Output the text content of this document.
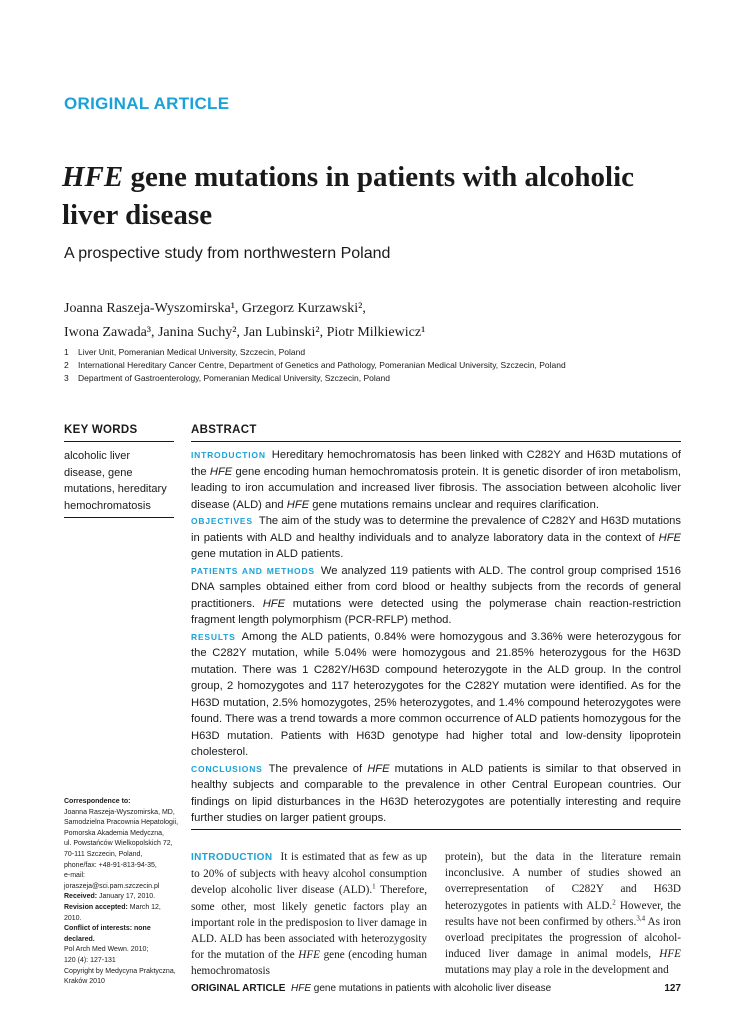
ORIGINAL ARTICLE
HFE gene mutations in patients with alcoholic
liver disease
A prospective study from northwestern Poland
Joanna Raszeja-Wyszomirska¹, Grzegorz Kurzawski²,
Iwona Zawada³, Janina Suchy², Jan Lubinski², Piotr Milkiewicz¹
1 Liver Unit, Pomeranian Medical University, Szczecin, Poland
2 International Hereditary Cancer Centre, Department of Genetics and Pathology, Pomeranian Medical University, Szczecin, Poland
3 Department of Gastroenterology, Pomeranian Medical University, Szczecin, Poland
KEY WORDS
alcoholic liver disease, gene mutations, hereditary hemochromatosis
ABSTRACT

INTRODUCTION Hereditary hemochromatosis has been linked with C282Y and H63D mutations of the HFE gene encoding human hemochromatosis protein. It is genetic disorder of iron metabolism, leading to iron accumulation and increased liver fibrosis. The association between alcoholic liver disease (ALD) and HFE gene mutations remains unclear and requires clarification.

OBJECTIVES The aim of the study was to determine the prevalence of C282Y and H63D mutations in patients with ALD and healthy individuals and to analyze laboratory data in the context of HFE gene mutation in ALD patients.

PATIENTS AND METHODS We analyzed 119 patients with ALD. The control group comprised 1516 DNA samples obtained either from cord blood or healthy subjects from the records of general practitioners. HFE mutations were detected using the polymerase chain reaction-restriction fragment length polymorphism (PCR-RFLP) method.

RESULTS Among the ALD patients, 0.84% were homozygous and 3.36% were heterozygous for the C282Y mutation, while 5.04% were homozygous and 21.85% heterozygous for the H63D mutation. There was 1 C282Y/H63D compound heterozygote in the ALD group. In the control group, 2 homozygotes and 117 heterozygotes for the C282Y mutation were identified. As for the H63D mutation, 2.5% homozygotes, 25% heterozygotes, and 1.4% compound heterozygotes were found. There was a trend towards a more common occurrence of ALD patients homozygous for the H63D mutation. Patients with H63D genotype had higher total and low-density lipoprotein cholesterol.

CONCLUSIONS The prevalence of HFE mutations in ALD patients is similar to that observed in healthy subjects and comparable to the prevalence in other Central European countries. Our findings on lipid disturbances in the H63D heterozygotes are potentially interesting and require further studies on larger patient groups.

Correspondence to:
Joanna Raszeja-Wyszomirska, MD,
Samodzielna Pracownia Hepatologii,
Pomorska Akademia Medyczna,
ul. Powstańców Wielkopolskich 72,
70-111 Szczecin, Poland,
phone/fax: +48-91-813-94-35,
e-mail: joraszeja@sci.pam.szczecin.pl
Received: January 17, 2010.
Revision accepted: March 12, 2010.
Conflict of interests: none declared.
Pol Arch Med Wewn. 2010;
120 (4): 127-131
Copyright by Medycyna Praktyczna,
Kraków 2010
INTRODUCTION It is estimated that as few as up to 20% of subjects with heavy alcohol consumption develop alcoholic liver disease (ALD).$^1$ Therefore, some other, most likely genetic factors play an important role in the predisposion to liver damage in ALD. ALD has been associated with heterozygosity for the mutation of the HFE gene (encoding human hemochromatosis
protein), but the data in the literature remain inconclusive. A number of studies showed an overrepresentation of C282Y and H63D heterozygotes in patients with ALD.$^2$ However, the results have not been confirmed by others.$^{3,4}$ As iron overload precipitates the progression of alcohol-induced liver damage in animal models, HFE mutations may play a role in the development and
ORIGINAL ARTICLE HFE gene mutations in patients with alcoholic liver disease	127
